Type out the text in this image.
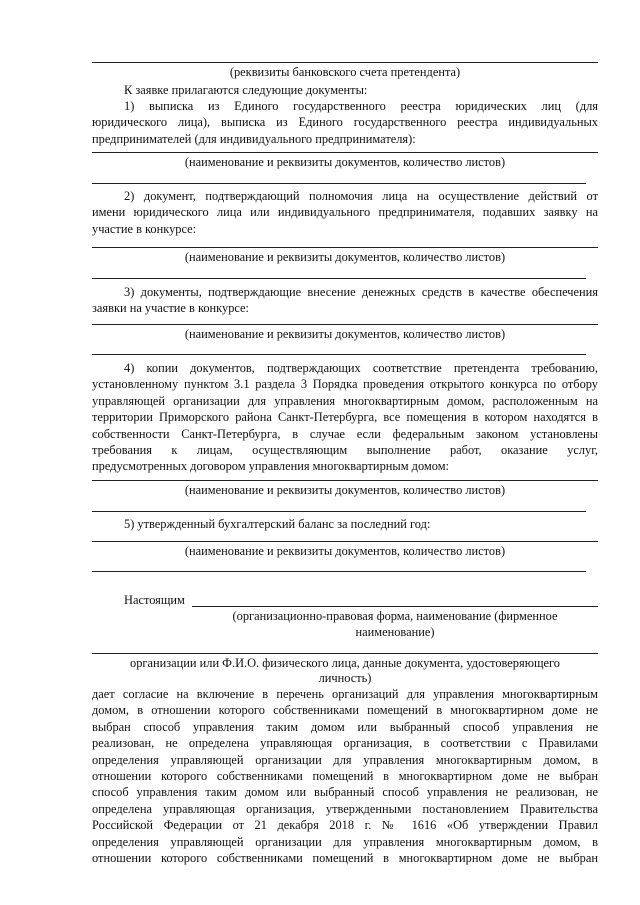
(реквизиты банковского счета претендента)
К заявке прилагаются следующие документы:
1) выписка из Единого государственного реестра юридических лиц (для
юридического лица), выписка из Единого государственного реестра индивидуальных
предпринимателей (для индивидуального предпринимателя):
(наименование и реквизиты документов, количество листов)
2) документ, подтверждающий полномочия лица на осуществление действий от
имени юридического лица или индивидуального предпринимателя, подавших заявку на
участие в конкурсе:
(наименование и реквизиты документов, количество листов)
3) документы, подтверждающие внесение денежных средств в качестве обеспечения
заявки на участие в конкурсе:
(наименование и реквизиты документов, количество листов)
4) копии документов, подтверждающих соответствие претендента требованию,
установленному пунктом 3.1 раздела 3 Порядка проведения открытого конкурса по отбору
управляющей организации для управления многоквартирным домом, расположенным на
территории Приморского района Санкт-Петербурга, все помещения в котором находятся в
собственности Санкт-Петербурга, в случае если федеральным законом установлены
требования к лицам, осуществляющим выполнение работ, оказание услуг,
предусмотренных договором управления многоквартирным домом:
(наименование и реквизиты документов, количество листов)
5) утвержденный бухгалтерский баланс за последний год:
(наименование и реквизиты документов, количество листов)
Настоящим
(организационно-правовая форма, наименование (фирменное
наименование)
организации или Ф.И.О. физического лица, данные документа, удостоверяющего
личность)
дает согласие на включение в перечень организаций для управления многоквартирным
домом, в отношении которого собственниками помещений в многоквартирном доме не
выбран способ управления таким домом или выбранный способ управления не
реализован, не определена управляющая организация, в соответствии с Правилами
определения управляющей организации для управления многоквартирным домом, в
отношении которого собственниками помещений в многоквартирном доме не выбран
способ управления таким домом или выбранный способ управления не реализован, не
определена управляющая организация, утвержденными постановлением Правительства
Российской Федерации от 21 декабря 2018 г. № 1616 «Об утверждении Правил
определения управляющей организации для управления многоквартирным домом, в
отношении которого собственниками помещений в многоквартирном доме не выбран
